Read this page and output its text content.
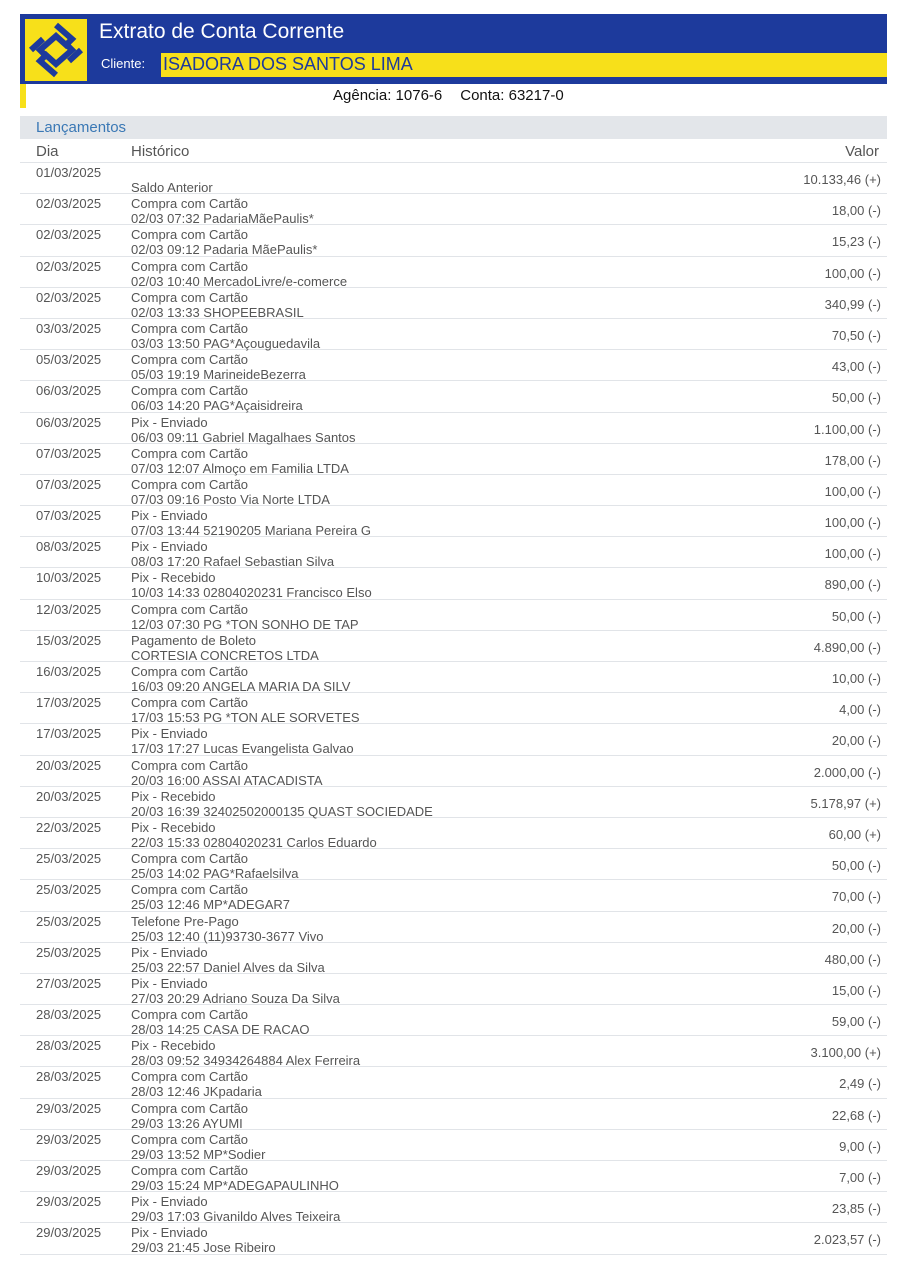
Extrato de Conta Corrente
Cliente: ISADORA DOS SANTOS LIMA
Agência: 1076-6 Conta: 63217-0
Lançamentos
Dia	Histórico	Valor
01/03/2025
Saldo Anterior
10.133,46 (+)
02/03/2025 Compra com Cartão
02/03 07:32 PadariaMãePaulis*
18,00 (-)
02/03/2025 Compra com Cartão
02/03 09:12 Padaria MãePaulis*
15,23 (-)
02/03/2025 Compra com Cartão
02/03 10:40 MercadoLivre/e-comerce
100,00 (-)
02/03/2025 Compra com Cartão
02/03 13:33 SHOPEEBRASIL
340,99 (-)
03/03/2025 Compra com Cartão
03/03 13:50 PAG*Açouguedavila
70,50 (-)
05/03/2025 Compra com Cartão
05/03 19:19 MarineideBezerra
43,00 (-)
06/03/2025 Compra com Cartão
06/03 14:20 PAG*Açaisidreira
50,00 (-)
06/03/2025 Pix - Enviado
06/03 09:11 Gabriel Magalhaes Santos
1.100,00 (-)
07/03/2025 Compra com Cartão
07/03 12:07 Almoço em Familia LTDA
178,00 (-)
07/03/2025 Compra com Cartão
07/03 09:16 Posto Via Norte LTDA
100,00 (-)
07/03/2025 Pix - Enviado
07/03 13:44 52190205 Mariana Pereira G
100,00 (-)
08/03/2025 Pix - Enviado
08/03 17:20 Rafael Sebastian Silva
100,00 (-)
10/03/2025 Pix - Recebido
10/03 14:33 02804020231 Francisco Elso
890,00 (-)
12/03/2025 Compra com Cartão
12/03 07:30 PG *TON SONHO DE TAP
50,00 (-)
15/03/2025 Pagamento de Boleto
CORTESIA CONCRETOS LTDA
4.890,00 (-)
16/03/2025 Compra com Cartão
16/03 09:20 ANGELA MARIA DA SILV
10,00 (-)
17/03/2025 Compra com Cartão
17/03 15:53 PG *TON ALE SORVETES
4,00 (-)
17/03/2025 Pix - Enviado
17/03 17:27 Lucas Evangelista Galvao
20,00 (-)
20/03/2025 Compra com Cartão
20/03 16:00 ASSAI ATACADISTA
2.000,00 (-)
20/03/2025 Pix - Recebido
20/03 16:39 32402502000135 QUAST SOCIEDADE
5.178,97 (+)
22/03/2025 Pix - Recebido
22/03 15:33 02804020231 Carlos Eduardo
60,00 (+)
25/03/2025 Compra com Cartão
25/03 14:02 PAG*Rafaelsilva
50,00 (-)
25/03/2025 Compra com Cartão
25/03 12:46 MP*ADEGAR7
70,00 (-)
25/03/2025 Telefone Pre-Pago
25/03 12:40 (11)93730-3677 Vivo
20,00 (-)
25/03/2025 Pix - Enviado
25/03 22:57 Daniel Alves da Silva
480,00 (-)
27/03/2025 Pix - Enviado
27/03 20:29 Adriano Souza Da Silva
15,00 (-)
28/03/2025 Compra com Cartão
28/03 14:25 CASA DE RACAO
59,00 (-)
28/03/2025 Pix - Recebido
28/03 09:52 34934264884 Alex Ferreira
3.100,00 (+)
28/03/2025 Compra com Cartão
28/03 12:46 JKpadaria
2,49 (-)
29/03/2025 Compra com Cartão
29/03 13:26 AYUMI
22,68 (-)
29/03/2025 Compra com Cartão
29/03 13:52 MP*Sodier
9,00 (-)
29/03/2025 Compra com Cartão
29/03 15:24 MP*ADEGAPAULINHO
7,00 (-)
29/03/2025 Pix - Enviado
29/03 17:03 Givanildo Alves Teixeira
23,85 (-)
29/03/2025 Pix - Enviado
29/03 21:45 Jose Ribeiro
2.023,57 (-)
